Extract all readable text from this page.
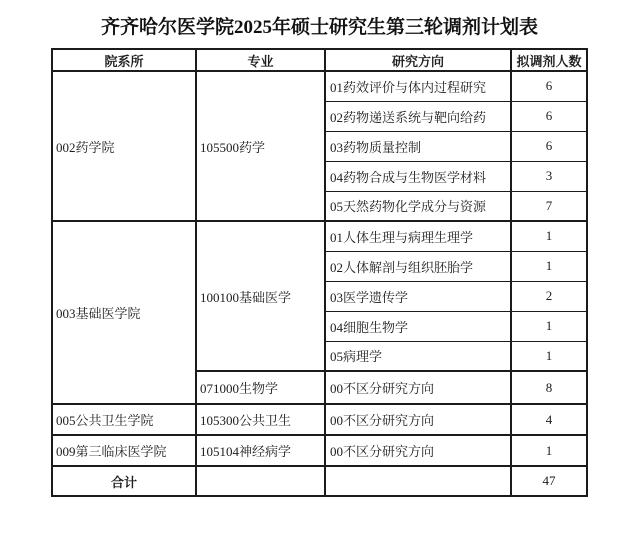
齐齐哈尔医学院2025年硕士研究生第三轮调剂计划表
院系所	专业	研究方向	拟调剂人数
002药学院	105500药学	01药效评价与体内过程研究	6
		02药物递送系统与靶向给药	6
		03药物质量控制	6
		04药物合成与生物医学材料	3
		05天然药物化学成分与资源	7
003基础医学院	100100基础医学	01人体生理与病理生理学	1
		02人体解剖与组织胚胎学	1
		03医学遗传学	2
		04细胞生物学	1
		05病理学	1
	071000生物学	00不区分研究方向	8
005公共卫生学院	105300公共卫生	00不区分研究方向	4
009第三临床医学院	105104神经病学	00不区分研究方向	1
合计			47
